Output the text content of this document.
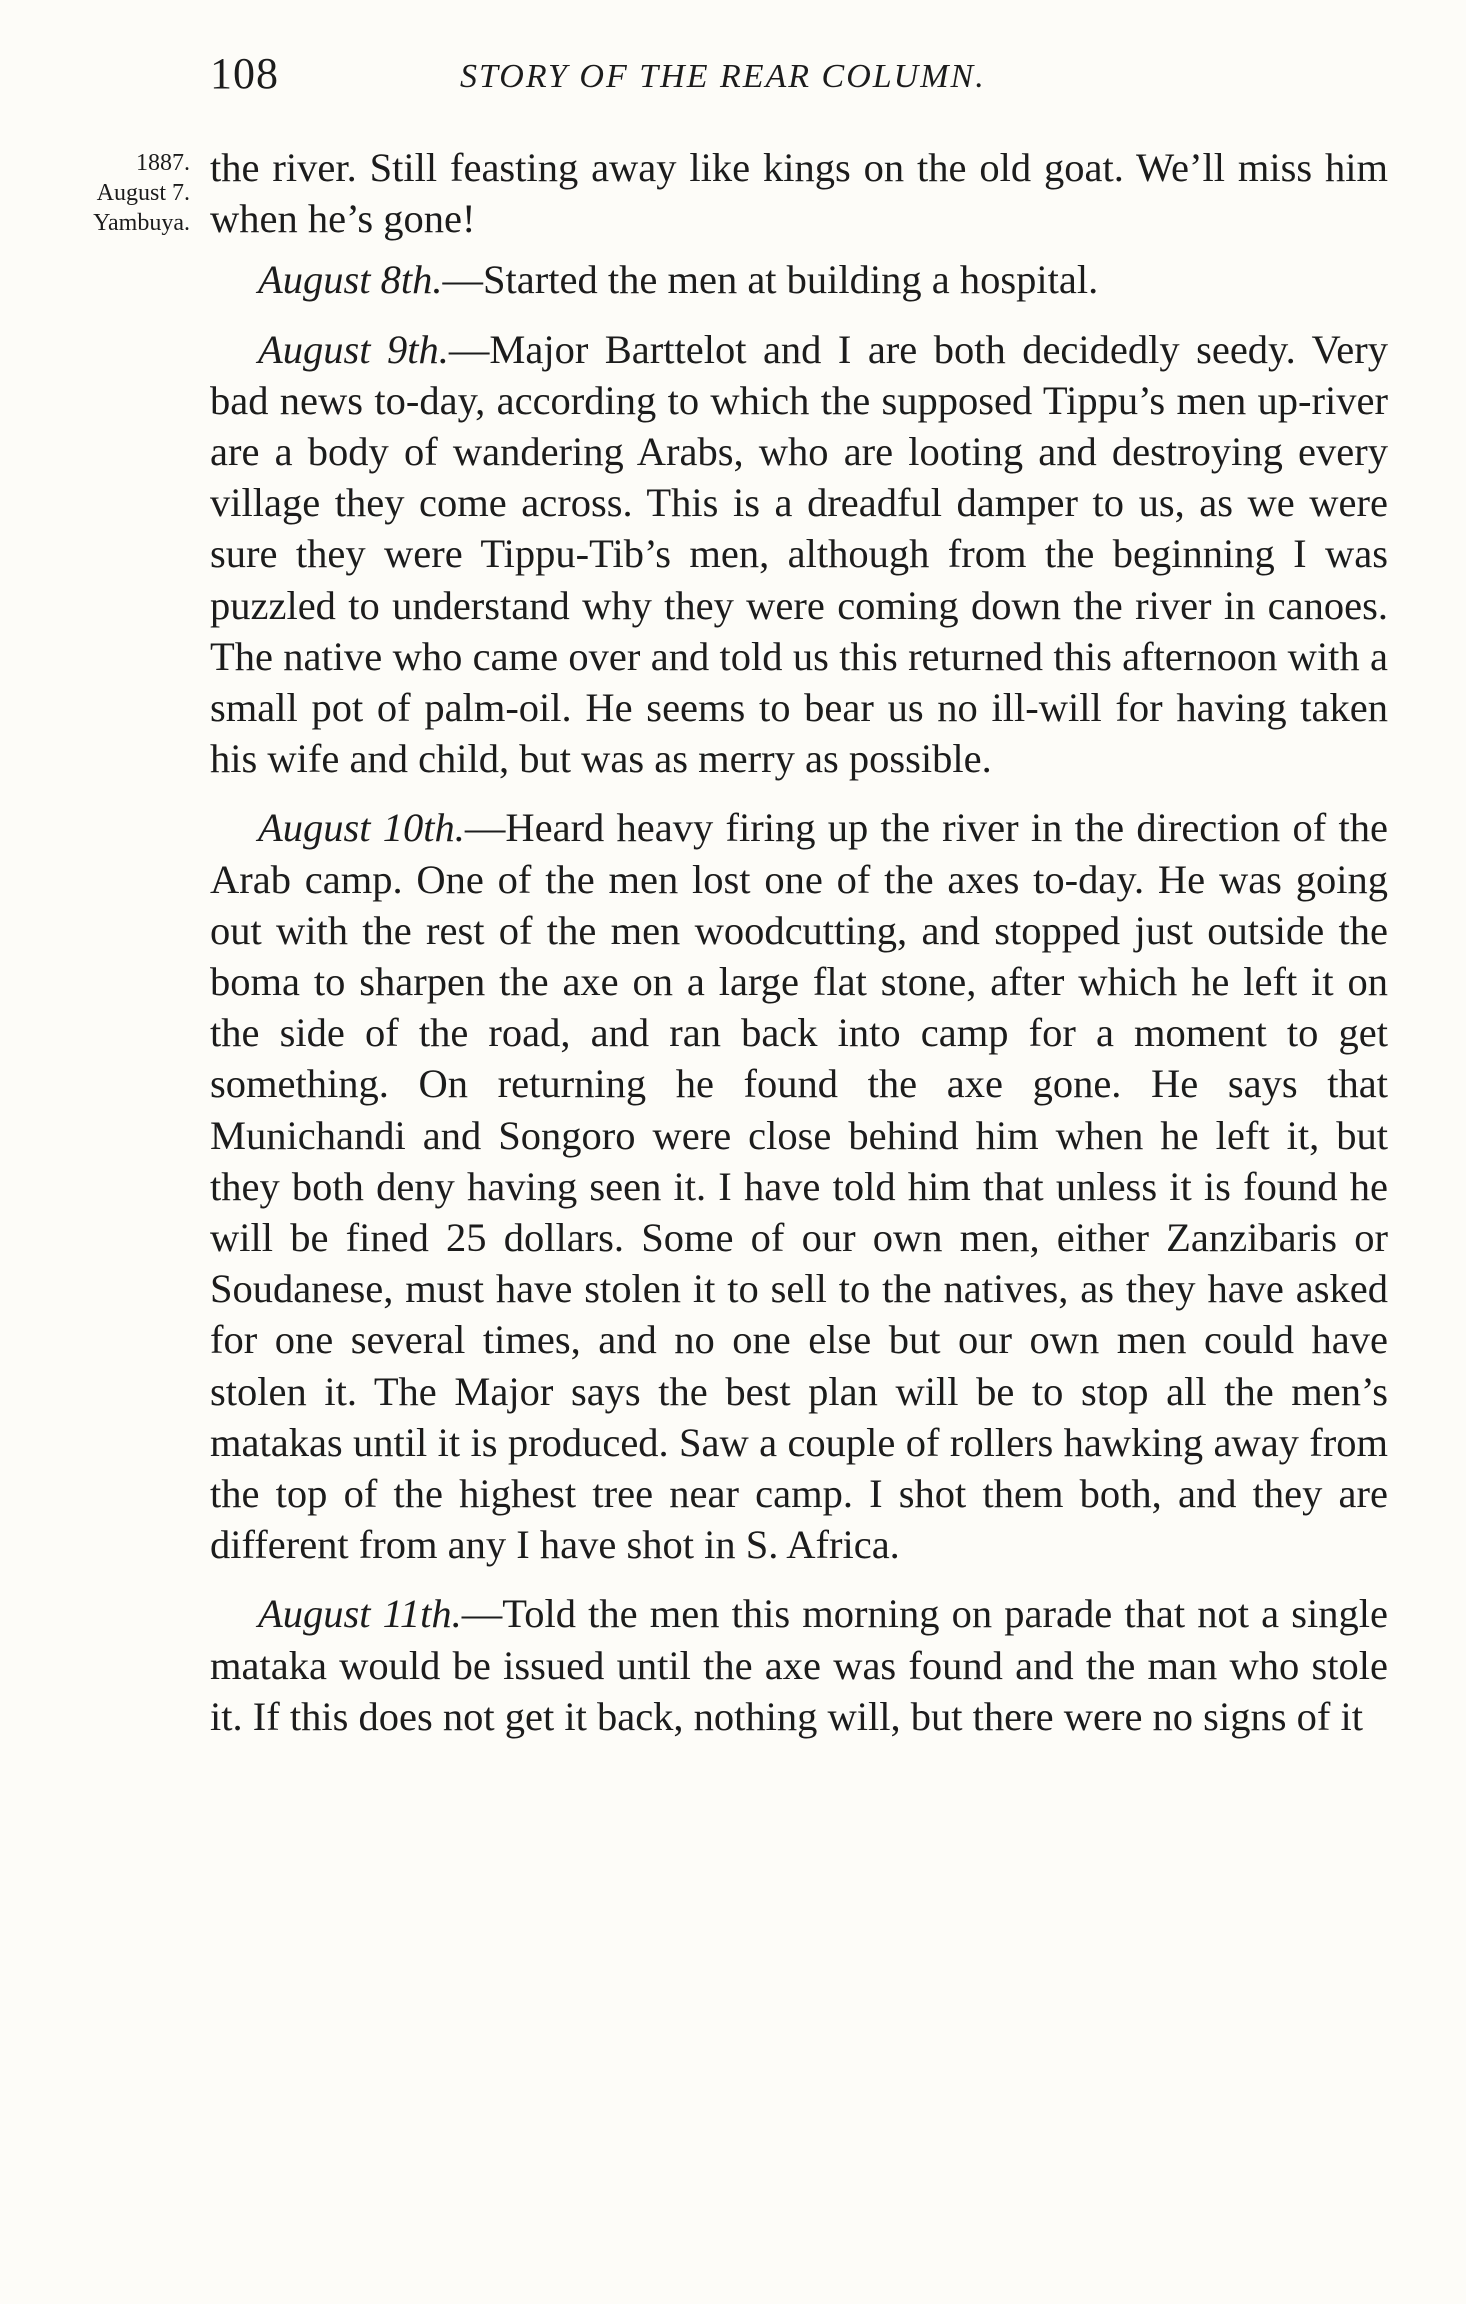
108	STORY OF THE REAR COLUMN.
1887.
August 7.
Yambuya.

the river. Still feasting away like kings on the old goat. We’ll miss him when he’s gone!

August 8th.—Started the men at building a hospital.

August 9th.—Major Barttelot and I are both decidedly seedy. Very bad news to-day, according to which the supposed Tippu’s men up-river are a body of wandering Arabs, who are looting and destroying every village they come across. This is a dreadful damper to us, as we were sure they were Tippu-Tib’s men, although from the beginning I was puzzled to understand why they were coming down the river in canoes. The native who came over and told us this returned this afternoon with a small pot of palm-oil. He seems to bear us no ill-will for having taken his wife and child, but was as merry as possible.

August 10th.—Heard heavy firing up the river in the direction of the Arab camp. One of the men lost one of the axes to-day. He was going out with the rest of the men woodcutting, and stopped just outside the boma to sharpen the axe on a large flat stone, after which he left it on the side of the road, and ran back into camp for a moment to get something. On returning he found the axe gone. He says that Munichandi and Songoro were close behind him when he left it, but they both deny having seen it. I have told him that unless it is found he will be fined 25 dollars. Some of our own men, either Zanzibaris or Soudanese, must have stolen it to sell to the natives, as they have asked for one several times, and no one else but our own men could have stolen it. The Major says the best plan will be to stop all the men’s matakas until it is produced. Saw a couple of rollers hawking away from the top of the highest tree near camp. I shot them both, and they are different from any I have shot in S. Africa.

August 11th.—Told the men this morning on parade that not a single mataka would be issued until the axe was found and the man who stole it. If this does not get it back, nothing will, but there were no signs of it
